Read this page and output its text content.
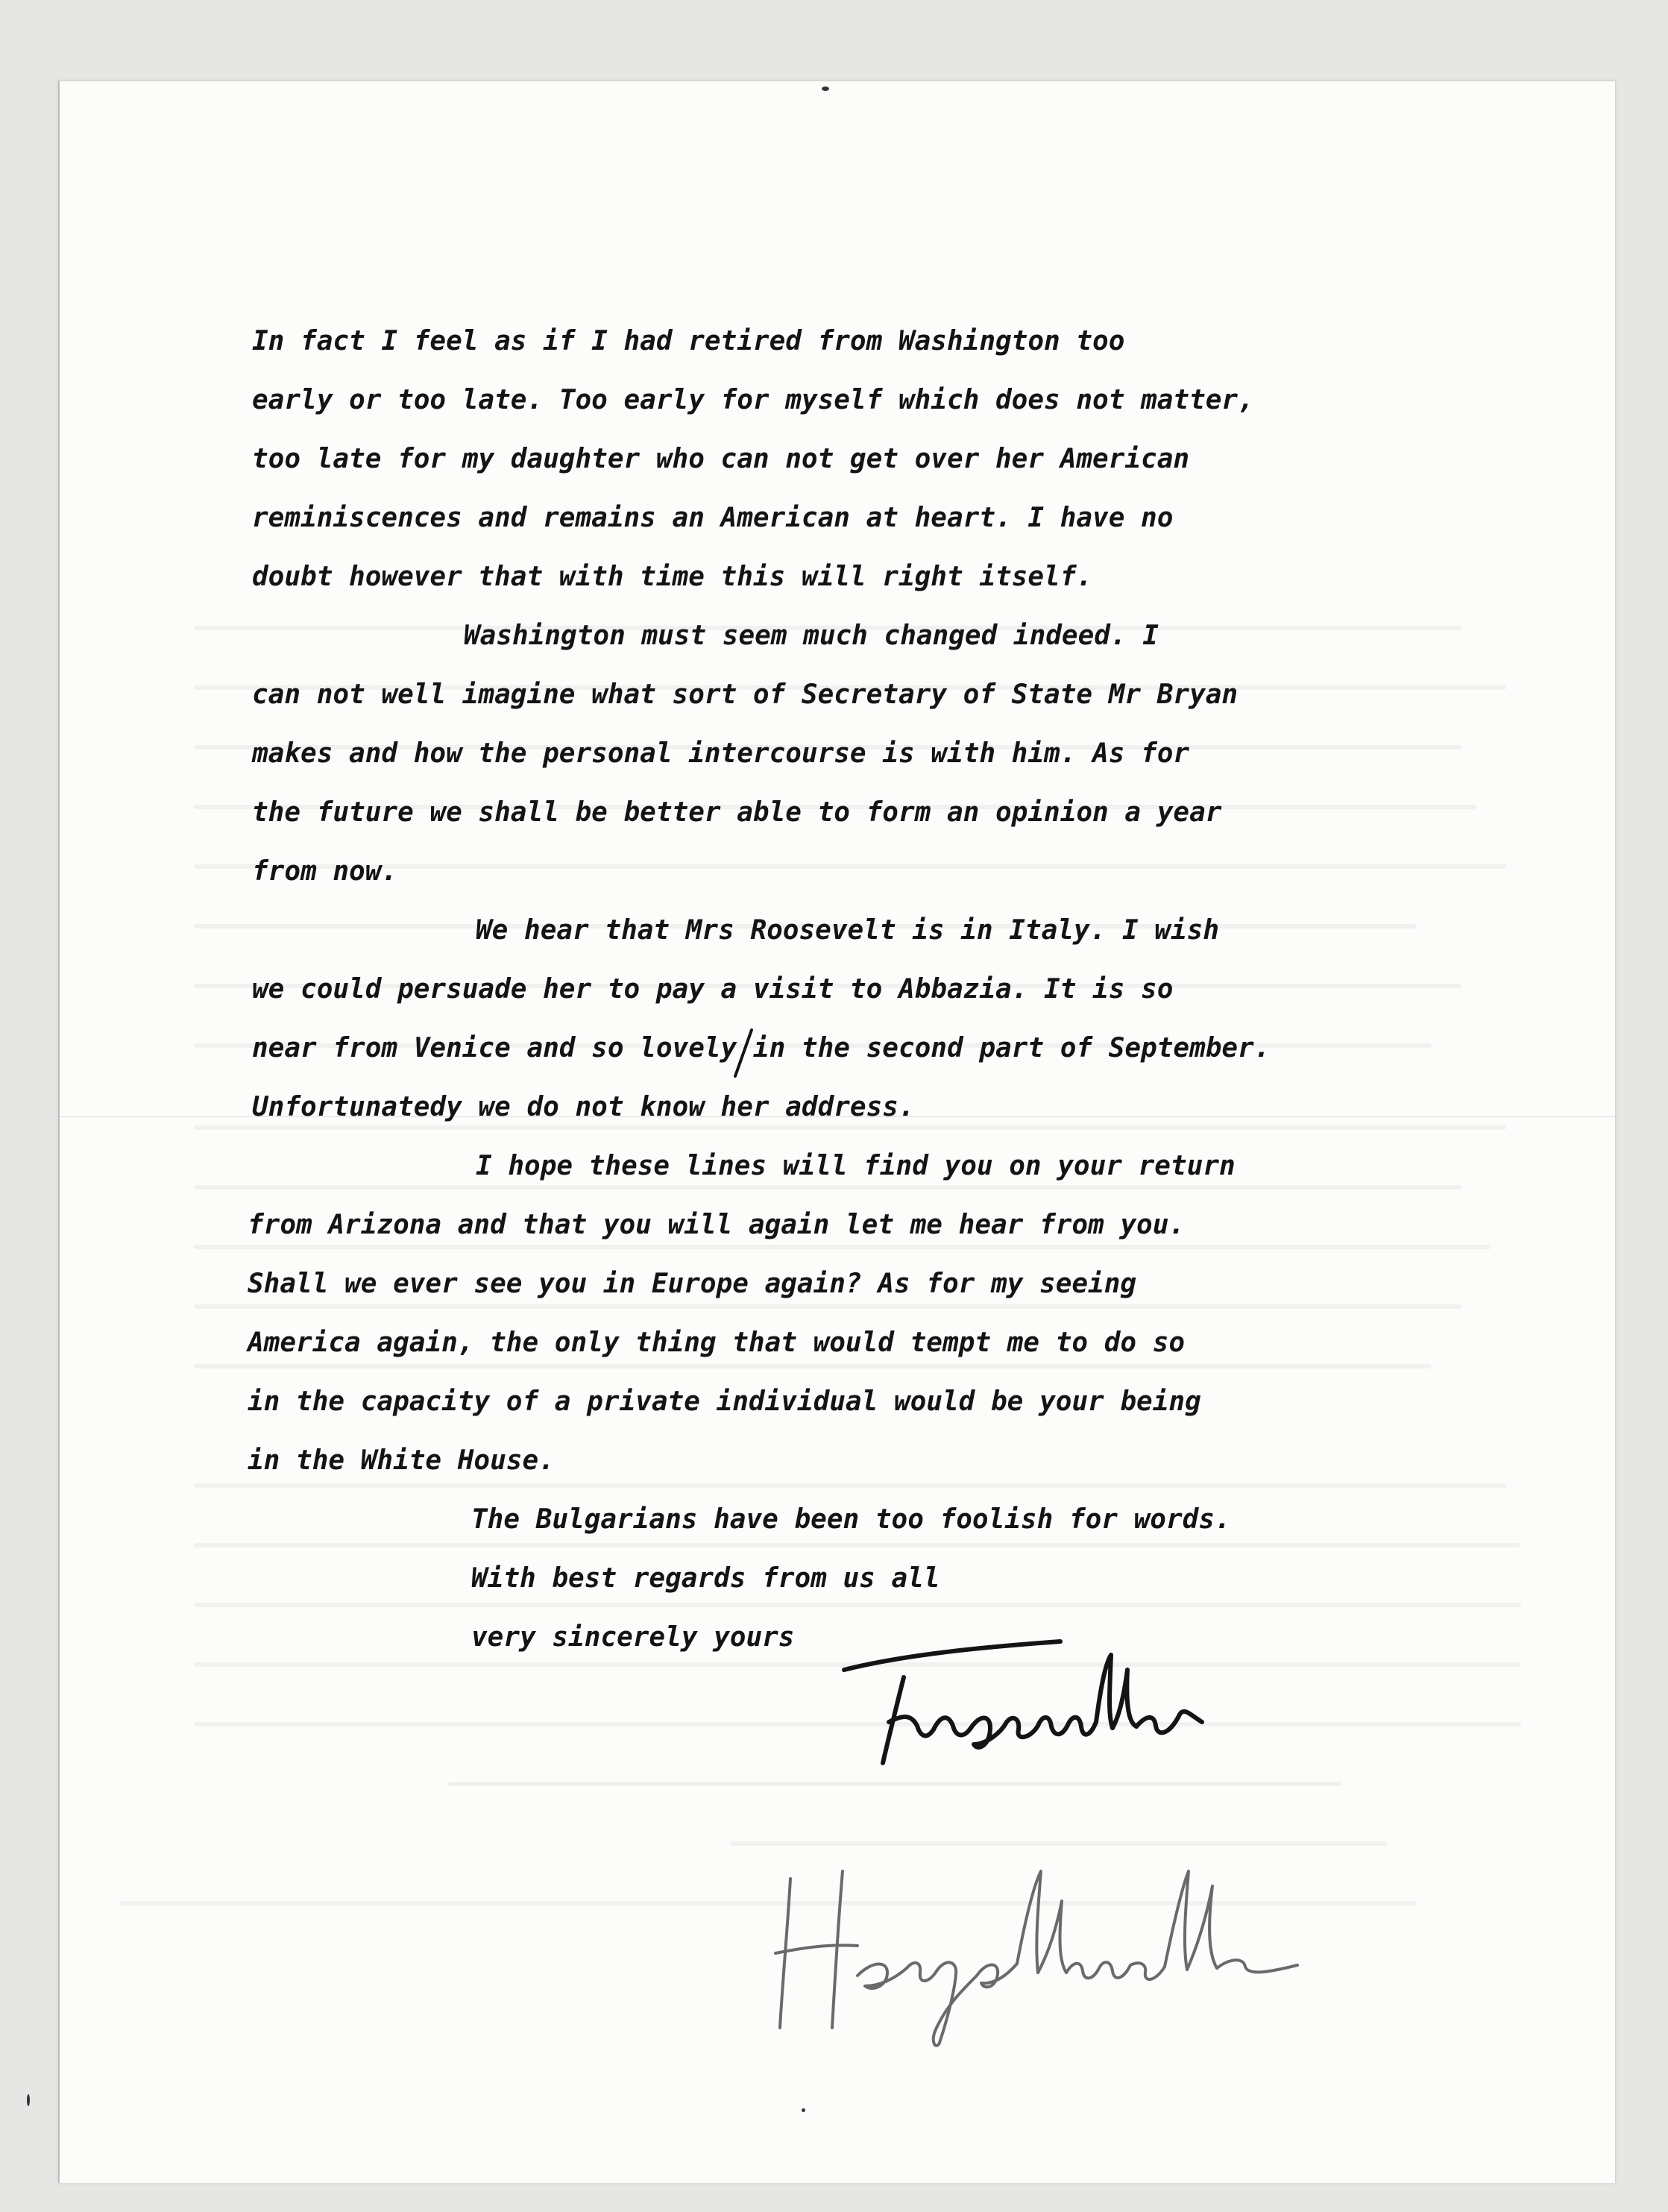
In fact I feel as if I had retired from Washington too

early or too late. Too early for myself which does not matter,

too late for my daughter who can not get over her American

reminiscences and remains an American at heart. I have no

doubt however that with time this will right itself.

Washington must seem much changed indeed. I

can not well imagine what sort of Secretary of State Mr Bryan

makes and how the personal intercourse is with him. As for

the future we shall be better able to form an opinion a year

from now.

We hear that Mrs Roosevelt is in Italy. I wish

we could persuade her to pay a visit to Abbazia. It is so

near from Venice and so lovely in the second part of September.

Unfortunatedy we do not know her address.

I hope these lines will find you on your return

from Arizona and that you will again let me hear from you.

Shall we ever see you in Europe again? As for my seeing

America again, the only thing that would tempt me to do so

in the capacity of a private individual would be your being

in the White House.

The Bulgarians have been too foolish for words.

With best regards from us all

very sincerely yours
